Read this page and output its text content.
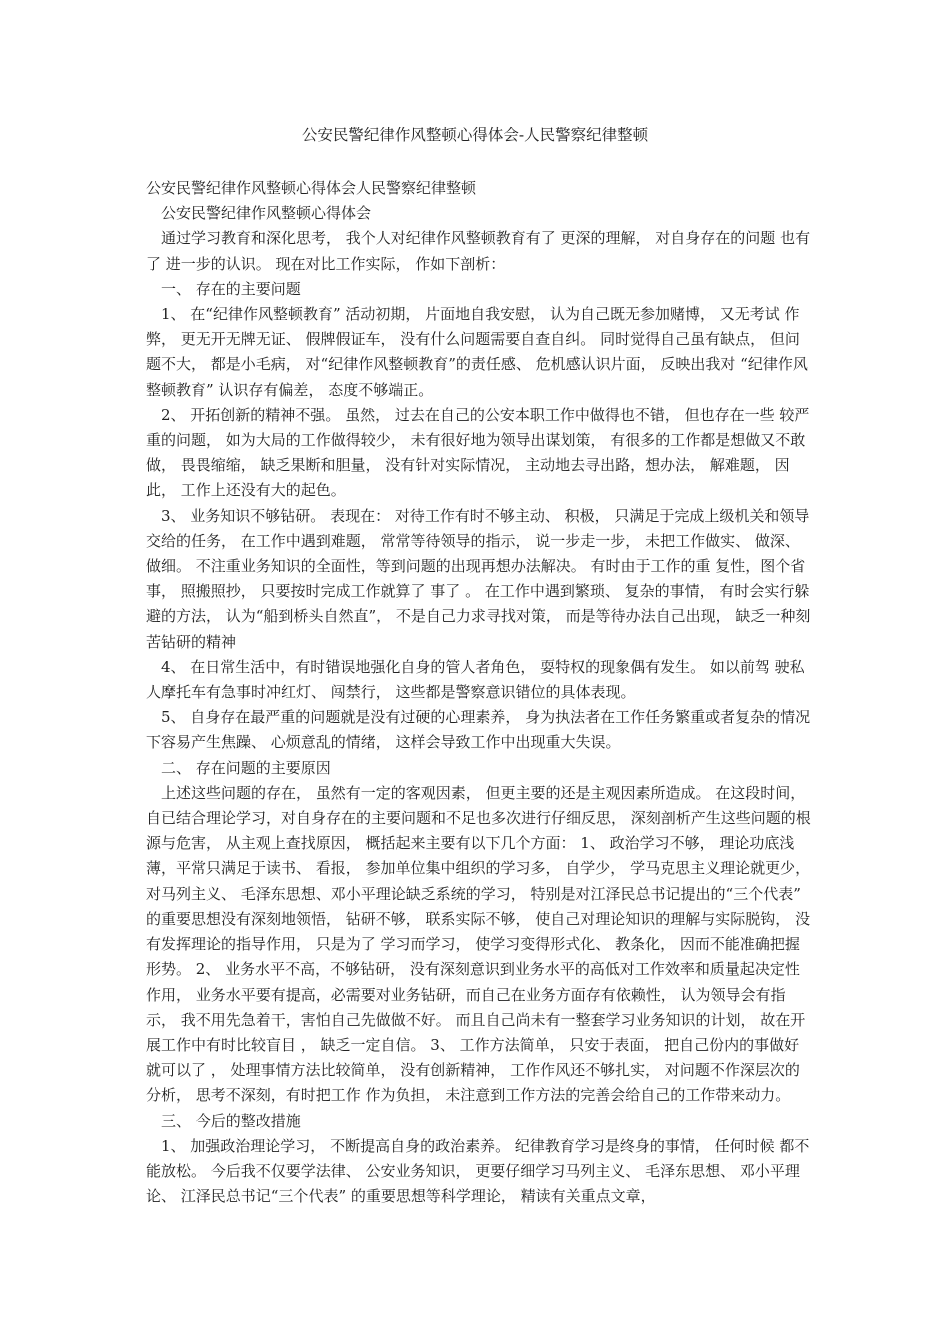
公安民警纪律作风整顿心得体会-人民警察纪律整顿

公安民警纪律作风整顿心得体会人民警察纪律整顿

公安民警纪律作风整顿心得体会

通过学习教育和深化思考， 我个人对纪律作风整顿教育有了 更深的理解， 对自身存在的问题 也有了 进一步的认识。 现在对比工作实际， 作如下剖析：

一、 存在的主要问题

1、 在“纪律作风整顿教育” 活动初期， 片面地自我安慰， 认为自己既无参加赌博， 又无考试 作弊， 更无开无牌无证、 假牌假证车， 没有什么问题需要自查自纠。 同时觉得自己虽有缺点， 但问题不大， 都是小毛病， 对“纪律作风整顿教育”的责任感、 危机感认识片面， 反映出我对 “纪律作风整顿教育” 认识存有偏差， 态度不够端正。

2、 开拓创新的精神不强。 虽然， 过去在自己的公安本职工作中做得也不错， 但也存在一些 较严重的问题， 如为大局的工作做得较少， 未有很好地为领导出谋划策， 有很多的工作都是想做又不敢做， 畏畏缩缩， 缺乏果断和胆量， 没有针对实际情况， 主动地去寻出路，想办法， 解难题， 因此， 工作上还没有大的起色。

3、 业务知识不够钻研。 表现在： 对待工作有时不够主动、 积极， 只满足于完成上级机关和领导交给的任务， 在工作中遇到难题， 常常等待领导的指示， 说一步走一步， 未把工作做实、 做深、 做细。 不注重业务知识的全面性，等到问题的出现再想办法解决。 有时由于工作的重 复性，图个省事， 照搬照抄， 只要按时完成工作就算了 事了 。 在工作中遇到繁琐、 复杂的事情， 有时会实行躲避的方法， 认为“船到桥头自然直”， 不是自己力求寻找对策， 而是等待办法自己出现， 缺乏一种刻苦钻研的精神

4、 在日常生活中，有时错误地强化自身的管人者角色， 耍特权的现象偶有发生。 如以前驾 驶私人摩托车有急事时冲红灯、 闯禁行， 这些都是警察意识错位的具体表现。

5、 自身存在最严重的问题就是没有过硬的心理素养， 身为执法者在工作任务繁重或者复杂的情况下容易产生焦躁、 心烦意乱的情绪， 这样会导致工作中出现重大失误。

二、 存在问题的主要原因

上述这些问题的存在， 虽然有一定的客观因素， 但更主要的还是主观因素所造成。 在这段时间， 自已结合理论学习，对自身存在的主要问题和不足也多次进行仔细反思， 深刻剖析产生这些问题的根源与危害， 从主观上查找原因， 概括起来主要有以下几个方面： 1、 政治学习不够， 理论功底浅薄，平常只满足于读书、 看报， 参加单位集中组织的学习多， 自学少， 学马克思主义理论就更少， 对马列主义、 毛泽东思想、邓小平理论缺乏系统的学习， 特别是对江泽民总书记提出的“三个代表” 的重要思想没有深刻地领悟， 钻研不够， 联系实际不够， 使自己对理论知识的理解与实际脱钩， 没有发挥理论的指导作用， 只是为了 学习而学习， 使学习变得形式化、 教条化， 因而不能准确把握形势。 2、 业务水平不高，不够钻研， 没有深刻意识到业务水平的高低对工作效率和质量起决定性作用， 业务水平要有提高，必需要对业务钻研，而自己在业务方面存有依赖性， 认为领导会有指示， 我不用先急着干，害怕自己先做做不好。 而且自己尚未有一整套学习业务知识的计划， 故在开展工作中有时比较盲目 ， 缺乏一定自信。 3、 工作方法简单， 只安于表面， 把自己份内的事做好就可以了 ， 处理事情方法比较简单， 没有创新精神， 工作作风还不够扎实， 对问题不作深层次的分析， 思考不深刻，有时把工作 作为负担， 未注意到工作方法的完善会给自己的工作带来动力。

三、 今后的整改措施

1、 加强政治理论学习， 不断提高自身的政治素养。 纪律教育学习是终身的事情， 任何时候 都不能放松。 今后我不仅要学法律、 公安业务知识， 更要仔细学习马列主义、 毛泽东思想、 邓小平理论、 江泽民总书记“三个代表” 的重要思想等科学理论， 精读有关重点文章，
